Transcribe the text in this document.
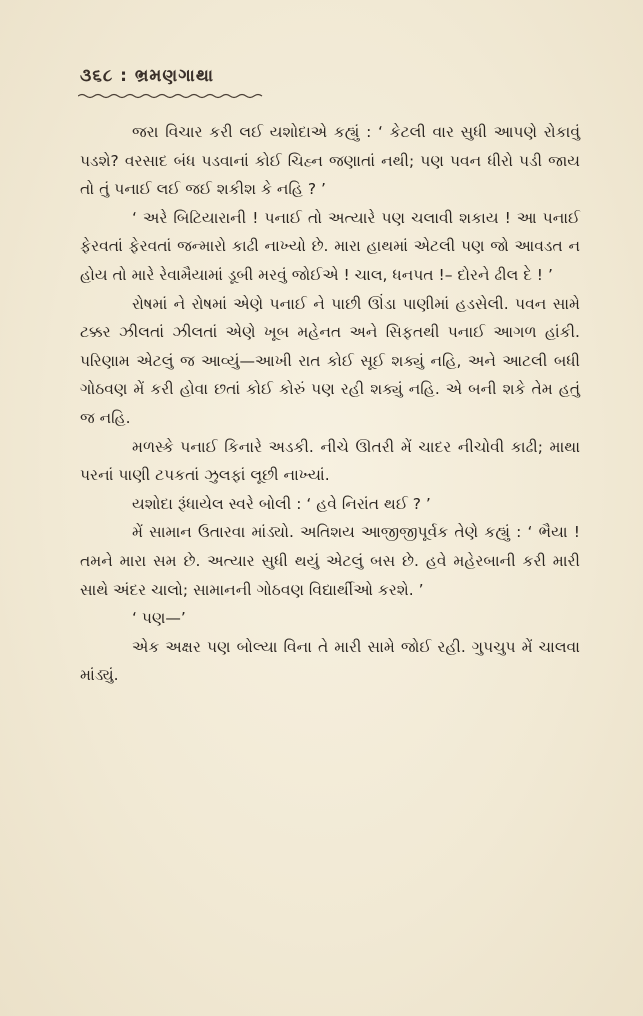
૩૬૮ : ભ્રમણગાથા

જરા વિચાર કરી લઈ યશોદાએ કહ્યું : ‘ કેટલી વાર સુધી આપણે રોકાવું પડશે? વરસાદ બંધ પડવાનાં કોઈ ચિહ્ન જણાતાં નથી; પણ પવન ધીરો પડી જાય તો તું પનાઈ લઈ જઈ શકીશ કે નહિ ? ’

‘ અરે બિટિયારાની ! પનાઈ તો અત્યારે પણ ચલાવી શકાય ! આ પનાઈ ફેરવતાં ફેરવતાં જન્મારો કાઢી નાખ્યો છે. મારા હાથમાં એટલી પણ જો આવડત ન હોય તો મારે રેવામૈયામાં ડૂબી મરવું જોઈએ ! ચાલ, ધનપત !– દોરને ઢીલ દે ! ’

રોષમાં ને રોષમાં એણે પનાઈ ને પાછી ઊંડા પાણીમાં હડસેલી. પવન સામે ટક્કર ઝીલતાં ઝીલતાં એણે ખૂબ મહેનત અને સિફતથી પનાઈ આગળ હાંકી. પરિણામ એટલું જ આવ્યું—આખી રાત કોઈ સૂઈ શક્યું નહિ, અને આટલી બધી ગોઠવણ મેં કરી હોવા છતાં કોઈ કોરું પણ રહી શક્યું નહિ. એ બની શકે તેમ હતું જ નહિ.

મળસ્કે પનાઈ કિનારે અડકી. નીચે ઊતરી મેં ચાદર નીચોવી કાઢી; માથા પરનાં પાણી ટપકતાં ઝુલફાં લૂછી નાખ્યાં.

યશોદા રૂંધાયેલ સ્વરે બોલી : ‘ હવે નિરાંત થઈ ? ’

મેં સામાન ઉતારવા માંડ્યો. અતિશય આજીજીપૂર્વક તેણે કહ્યું : ‘ ભૈયા ! તમને મારા સમ છે. અત્યાર સુધી થયું એટલું બસ છે. હવે મહેરબાની કરી મારી સાથે અંદર ચાલો; સામાનની ગોઠવણ વિદ્યાર્થીઓ કરશે. ’

‘ પણ—’

એક અક્ષર પણ બોલ્યા વિના તે મારી સામે જોઈ રહી. ગુપચુપ મેં ચાલવા માંડ્યું.
